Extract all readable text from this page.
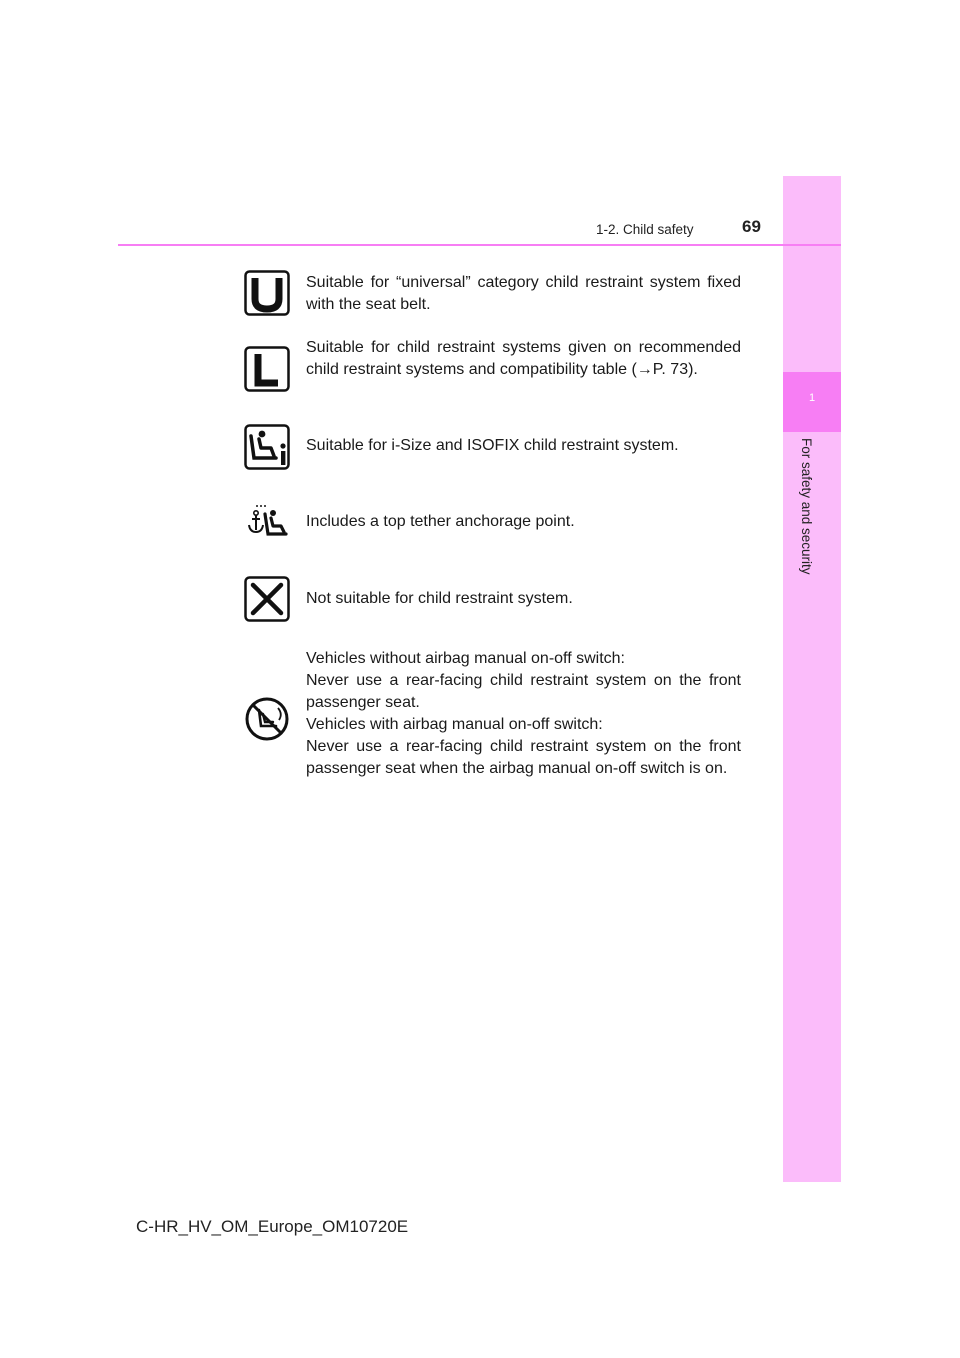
1
For safety and security
1-2. Child safety	69
Suitable for “universal” category child restraint system fixed with the seat belt.
Suitable for child restraint systems given on recommended child restraint systems and compatibility table (→P. 73).
Suitable for i-Size and ISOFIX child restraint system.
Includes a top tether anchorage point.
Not suitable for child restraint system.
Vehicles without airbag manual on-off switch:
Never use a rear-facing child restraint system on the front passenger seat.
Vehicles with airbag manual on-off switch:
Never use a rear-facing child restraint system on the front passenger seat when the airbag manual on-off switch is on.
C-HR_HV_OM_Europe_OM10720E
